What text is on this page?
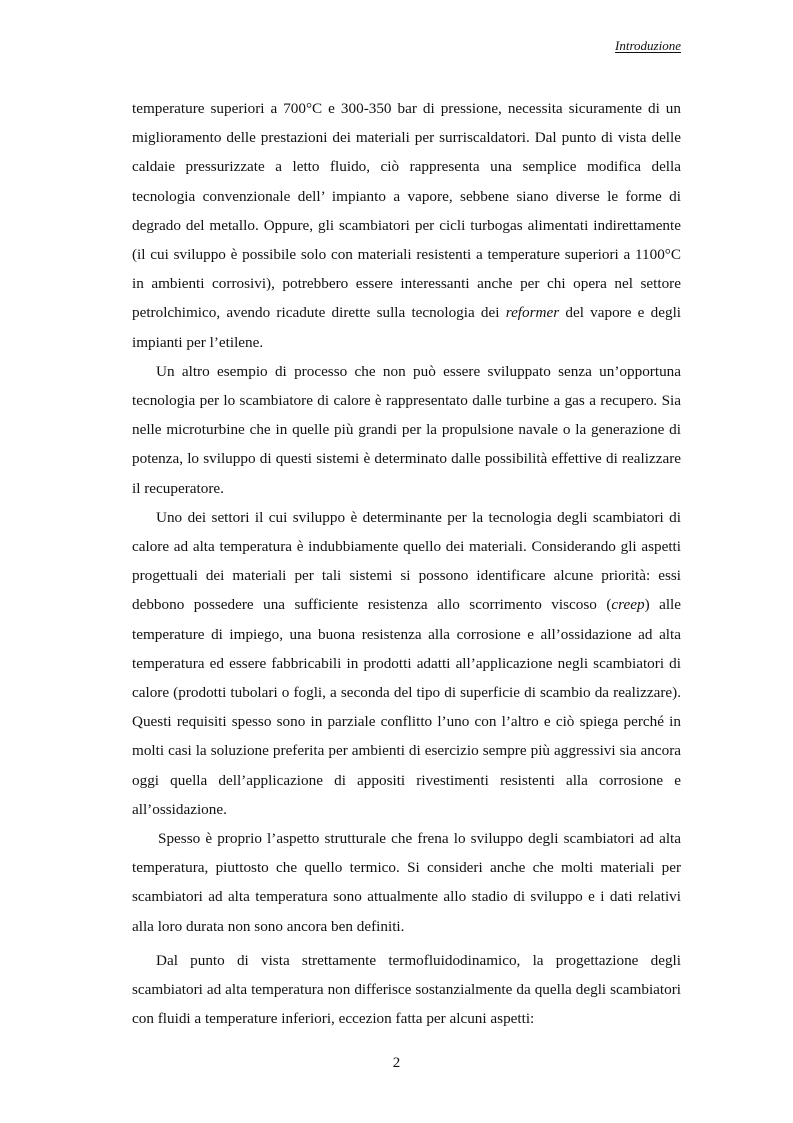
Introduzione

temperature superiori a 700°C e 300-350 bar di pressione, necessita sicuramente di un miglioramento delle prestazioni dei materiali per surriscaldatori. Dal punto di vista delle caldaie pressurizzate a letto fluido, ciò rappresenta una semplice modifica della tecnologia convenzionale dell’ impianto a vapore, sebbene siano diverse le forme di degrado del metallo. Oppure, gli scambiatori per cicli turbogas alimentati indirettamente (il cui sviluppo è possibile solo con materiali resistenti a temperature superiori a 1100°C in ambienti corrosivi), potrebbero essere interessanti anche per chi opera nel settore petrolchimico, avendo ricadute dirette sulla tecnologia dei reformer del vapore e degli impianti per l’etilene.

Un altro esempio di processo che non può essere sviluppato senza un’opportuna tecnologia per lo scambiatore di calore è rappresentato dalle turbine a gas a recupero. Sia nelle microturbine che in quelle più grandi per la propulsione navale o la generazione di potenza, lo sviluppo di questi sistemi è determinato dalle possibilità effettive di realizzare il recuperatore.

Uno dei settori il cui sviluppo è determinante per la tecnologia degli scambiatori di calore ad alta temperatura è indubbiamente quello dei materiali. Considerando gli aspetti progettuali dei materiali per tali sistemi si possono identificare alcune priorità: essi debbono possedere una sufficiente resistenza allo scorrimento viscoso (creep) alle temperature di impiego, una buona resistenza alla corrosione e all’ossidazione ad alta temperatura ed essere fabbricabili in prodotti adatti all’applicazione negli scambiatori di calore (prodotti tubolari o fogli, a seconda del tipo di superficie di scambio da realizzare). Questi requisiti spesso sono in parziale conflitto l’uno con l’altro e ciò spiega perché in molti casi la soluzione preferita per ambienti di esercizio sempre più aggressivi sia ancora oggi quella dell’applicazione di appositi rivestimenti resistenti alla corrosione e all’ossidazione.

Spesso è proprio l’aspetto strutturale che frena lo sviluppo degli scambiatori ad alta temperatura, piuttosto che quello termico. Si consideri anche che molti materiali per scambiatori ad alta temperatura sono attualmente allo stadio di sviluppo e i dati relativi alla loro durata non sono ancora ben definiti.

Dal punto di vista strettamente termofluidodinamico, la progettazione degli scambiatori ad alta temperatura non differisce sostanzialmente da quella degli scambiatori con fluidi a temperature inferiori, eccezion fatta per alcuni aspetti:

2
